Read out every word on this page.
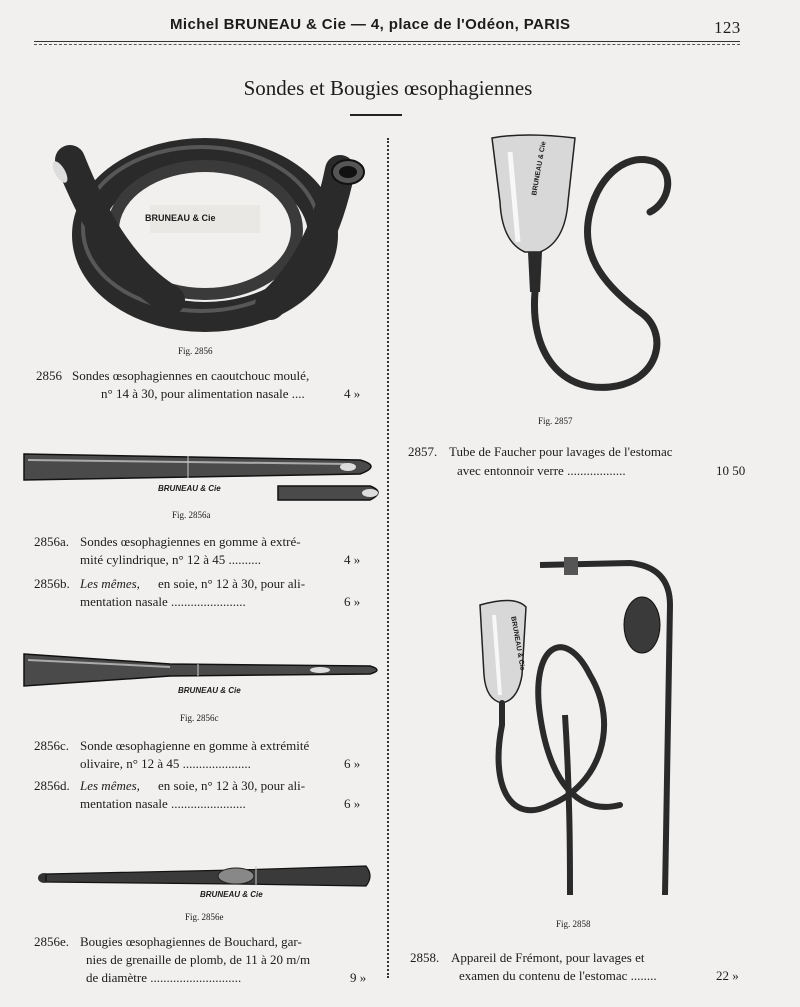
Michel BRUNEAU & Cie — 4, place de l'Odéon, PARIS	123
Sondes et Bougies œsophagiennes
BRUNEAU & Cie
Fig. 2856
2856 Sondes œsophagiennes en caoutchouc moulé,
n° 14 à 30, pour alimentation nasale ....	4 »
BRUNEAU & Cie
Fig. 2856a
2856a. Sondes œsophagiennes en gomme à extré-
mité cylindrique, n° 12 à 45 ..........	4 »
2856b. Les mêmes, en soie, n° 12 à 30, pour ali-
mentation nasale .......................	6 »
BRUNEAU & Cie
Fig. 2856c
2856c. Sonde œsophagienne en gomme à extrémité
olivaire, n° 12 à 45 .....................	6 »
2856d. Les mêmes, en soie, n° 12 à 30, pour ali-
mentation nasale .......................	6 »
BRUNEAU & Cie
Fig. 2856e
2856e. Bougies œsophagiennes de Bouchard, gar-
nies de grenaille de plomb, de 11 à 20 m/m
de diamètre ............................	9 »
BRUNEAU & Cie
Fig. 2857
2857. Tube de Faucher pour lavages de l'estomac
avec entonnoir verre ..................	10 50
BRUNEAU & Cie
Fig. 2858
2858. Appareil de Frémont, pour lavages et
examen du contenu de l'estomac ........	22 »
